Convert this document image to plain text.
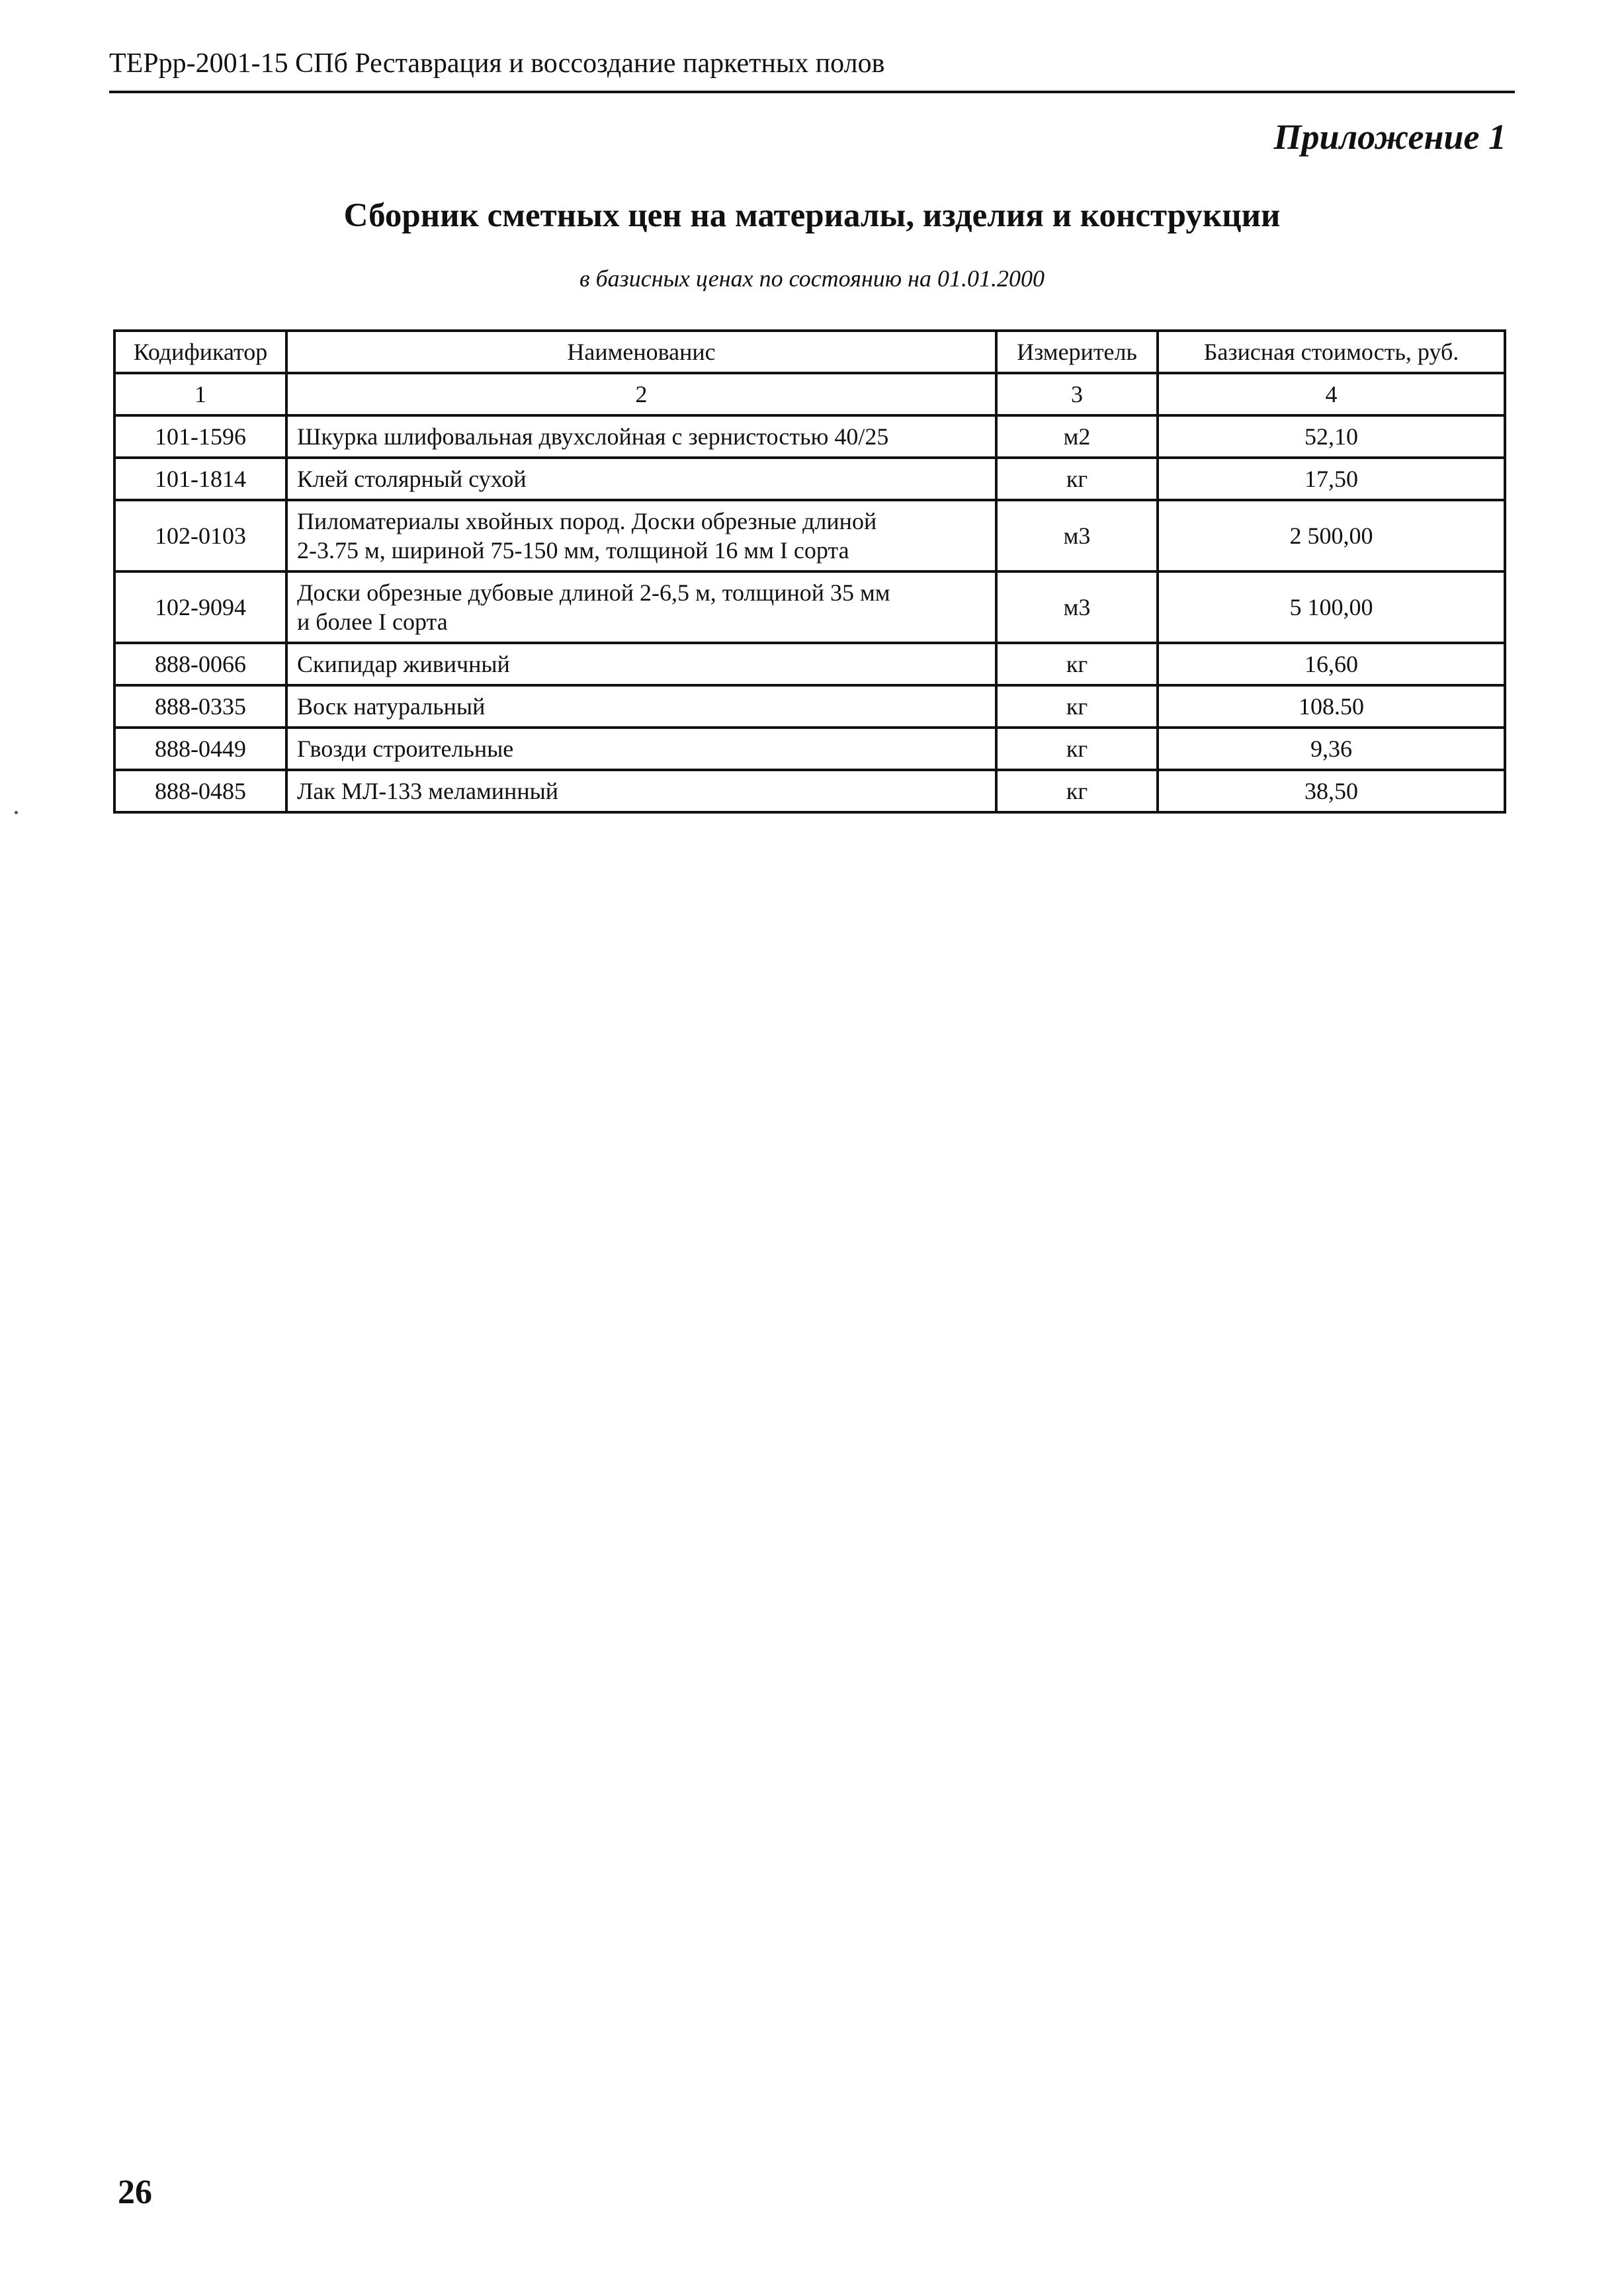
ТЕРрр-2001-15 СПб Реставрация и воссоздание паркетных полов
Приложение 1
Сборник сметных цен на материалы, изделия и конструкции
в базисных ценах по состоянию на 01.01.2000
Кодификатор	Наименованис	Измеритель	Базисная стоимость, руб.
1	2	3	4
101-1596	Шкурка шлифовальная двухслойная с зернистостью 40/25	м2	52,10
101-1814	Клей столярный сухой	кг	17,50
102-0103	Пиломатериалы хвойных пород. Доски обрезные длиной
2-3.75 м, шириной 75-150 мм, толщиной 16 мм I сорта	м3	2 500,00
102-9094	Доски обрезные дубовые длиной 2-6,5 м, толщиной 35 мм
и более I сорта	м3	5 100,00
888-0066	Скипидар живичный	кг	16,60
888-0335	Воск натуральный	кг	108.50
888-0449	Гвозди строительные	кг	9,36
888-0485	Лак МЛ-133 меламинный	кг	38,50
26
